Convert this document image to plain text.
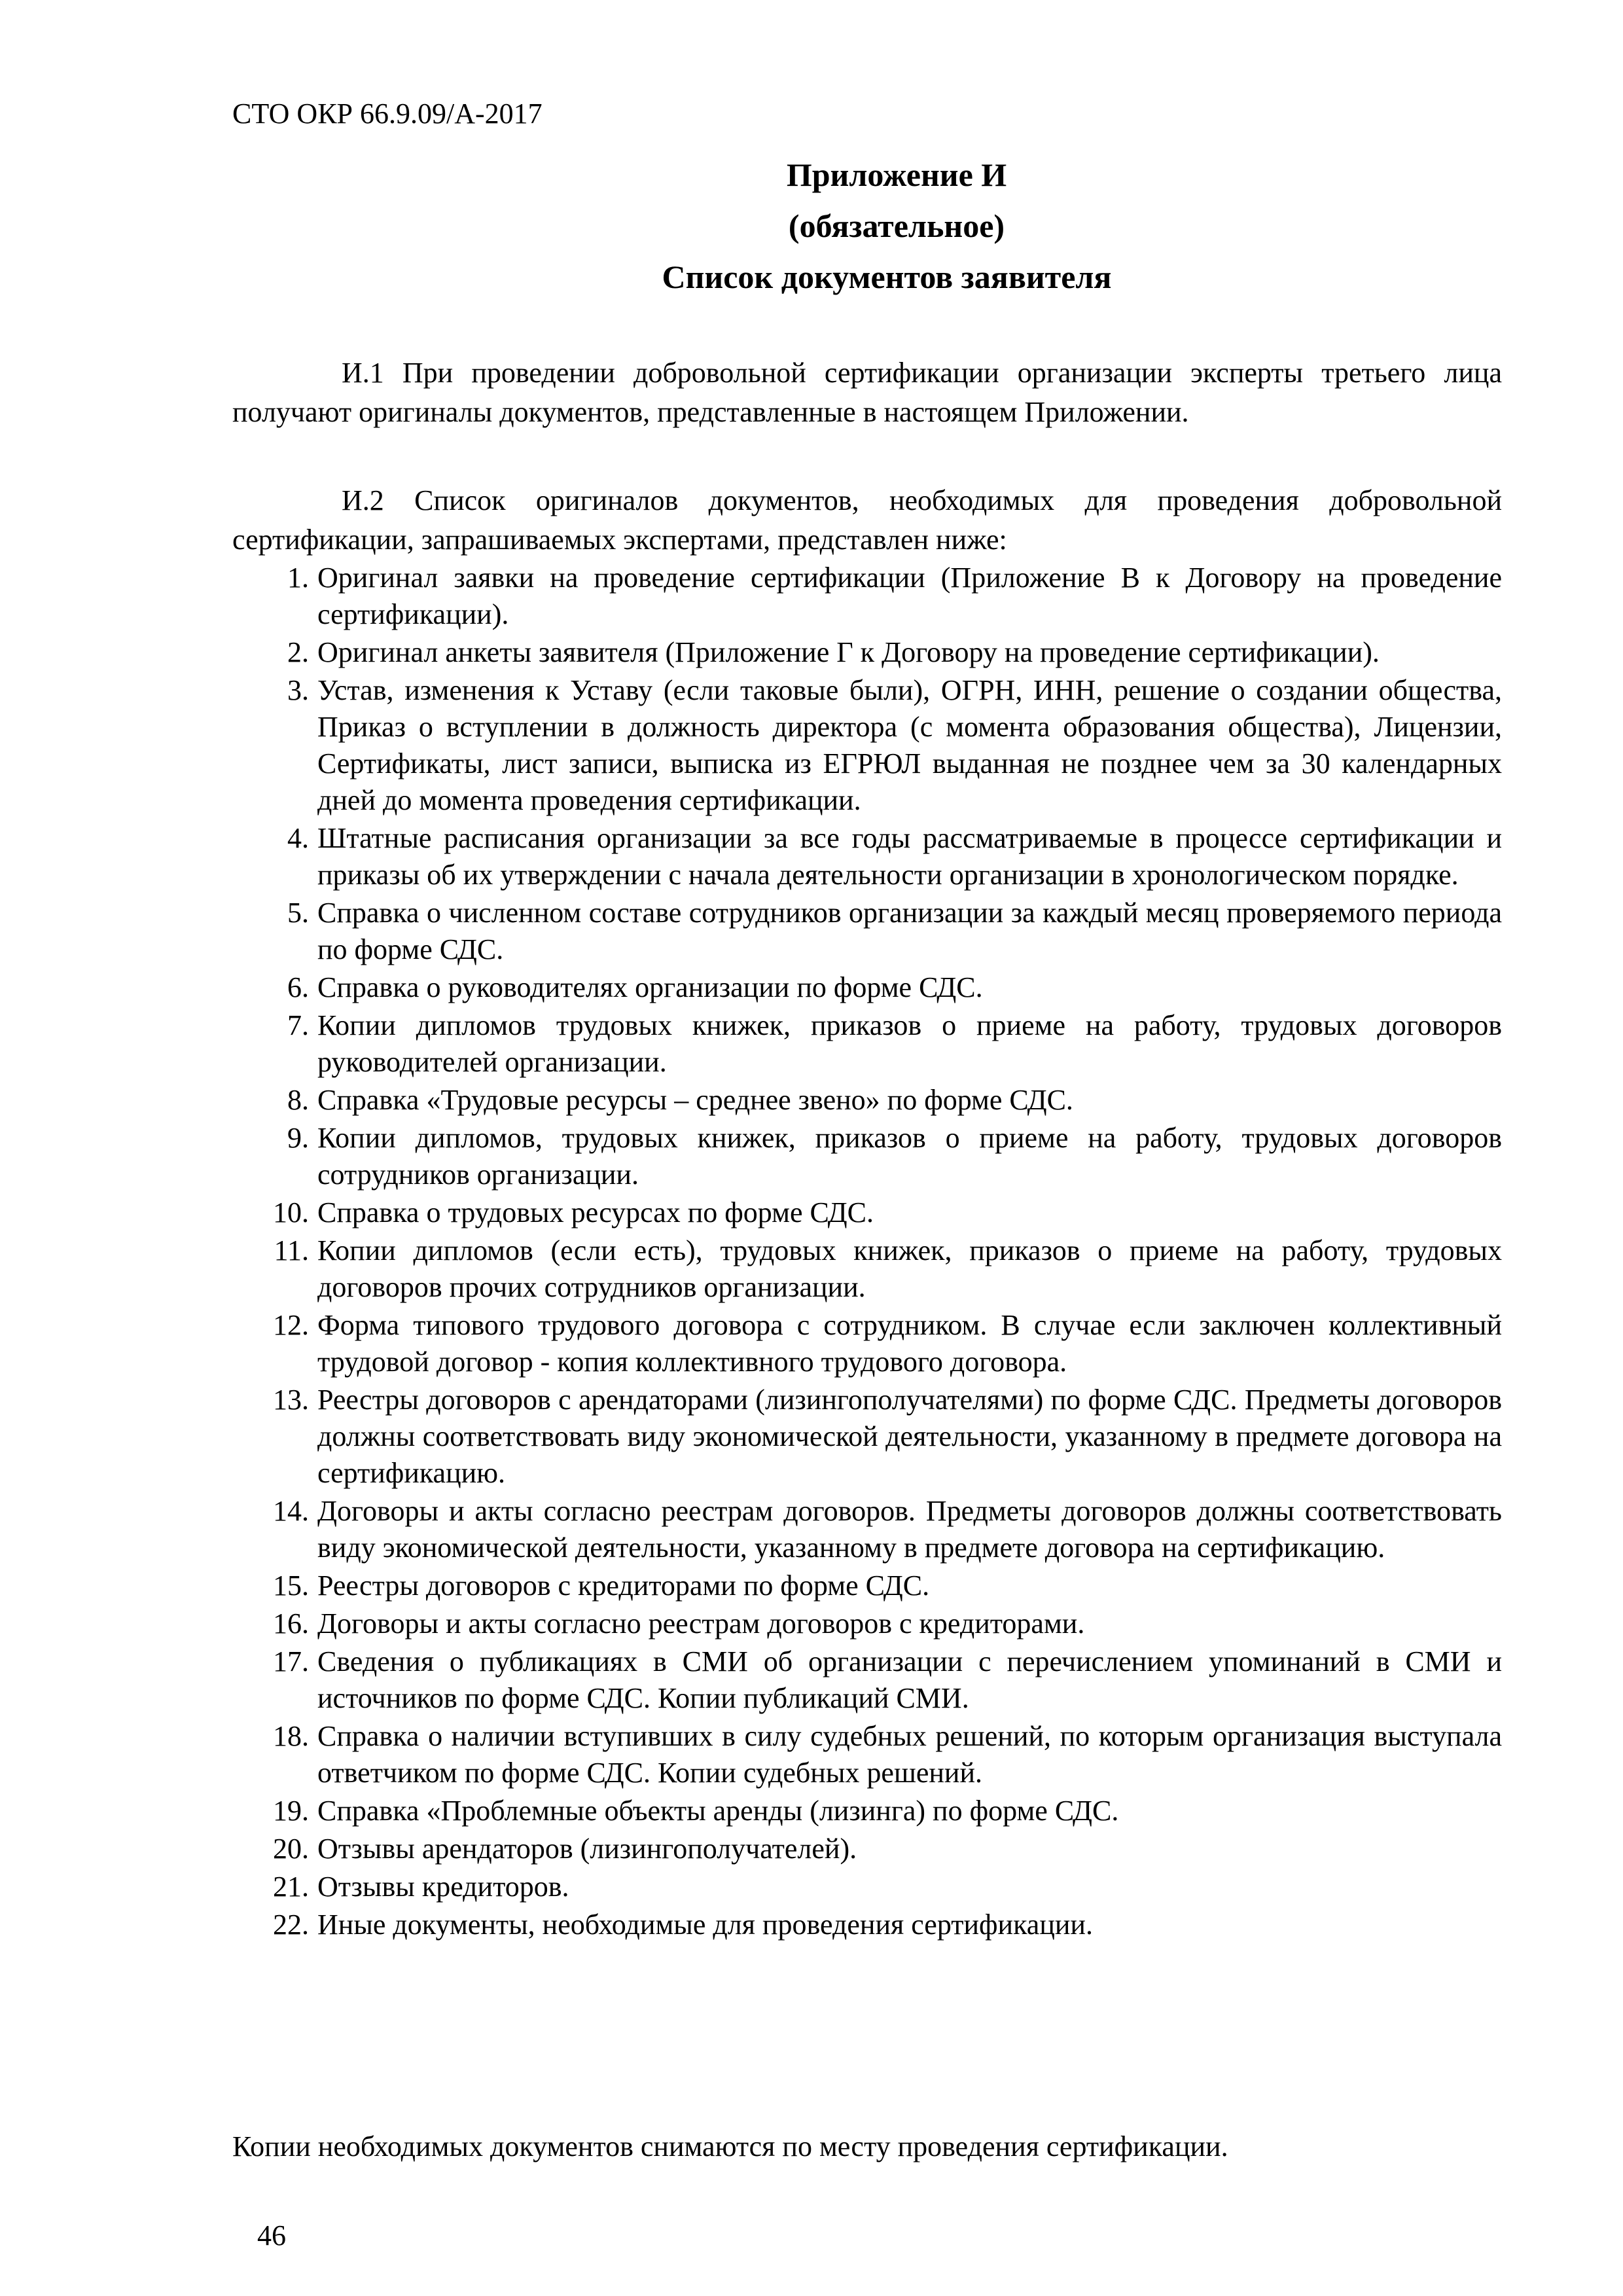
СТО ОКР 66.9.09/А-2017
Приложение И
(обязательное)
Список документов заявителя

И.1 При проведении добровольной сертификации организации эксперты третьего лица получают оригиналы документов, представленные в настоящем Приложении.

И.2 Список оригиналов документов, необходимых для проведения добровольной сертификации, запрашиваемых экспертами, представлен ниже:

1. Оригинал заявки на проведение сертификации (Приложение В к Договору на проведение сертификации).
2. Оригинал анкеты заявителя (Приложение Г к Договору на проведение сертификации).
3. Устав, изменения к Уставу (если таковые были), ОГРН, ИНН, решение о создании общества, Приказ о вступлении в должность директора (с момента образования общества), Лицензии, Сертификаты, лист записи, выписка из ЕГРЮЛ выданная не позднее чем за 30 календарных дней до момента проведения сертификации.
4. Штатные расписания организации за все годы рассматриваемые в процессе сертификации и приказы об их утверждении с начала деятельности организации в хронологическом порядке.
5. Справка о численном составе сотрудников организации за каждый месяц проверяемого периода по форме СДС.
6. Справка о руководителях организации по форме СДС.
7. Копии дипломов трудовых книжек, приказов о приеме на работу, трудовых договоров руководителей организации.
8. Справка «Трудовые ресурсы – среднее звено» по форме СДС.
9. Копии дипломов, трудовых книжек, приказов о приеме на работу, трудовых договоров сотрудников организации.
10. Справка о трудовых ресурсах по форме СДС.
11. Копии дипломов (если есть), трудовых книжек, приказов о приеме на работу, трудовых договоров прочих сотрудников организации.
12. Форма типового трудового договора с сотрудником. В случае если заключен коллективный трудовой договор - копия коллективного трудового договора.
13. Реестры договоров с арендаторами (лизингополучателями) по форме СДС. Предметы договоров должны соответствовать виду экономической деятельности, указанному в предмете договора на сертификацию.
14. Договоры и акты согласно реестрам договоров. Предметы договоров должны соответствовать виду экономической деятельности, указанному в предмете договора на сертификацию.
15. Реестры договоров с кредиторами по форме СДС.
16. Договоры и акты согласно реестрам договоров с кредиторами.
17. Сведения о публикациях в СМИ об организации с перечислением упоминаний в СМИ и источников по форме СДС. Копии публикаций СМИ.
18. Справка о наличии вступивших в силу судебных решений, по которым организация выступала ответчиком по форме СДС. Копии судебных решений.
19. Справка «Проблемные объекты аренды (лизинга) по форме СДС.
20. Отзывы арендаторов (лизингополучателей).
21. Отзывы кредиторов.
22. Иные документы, необходимые для проведения сертификации.
Копии необходимых документов снимаются по месту проведения сертификации.
46
